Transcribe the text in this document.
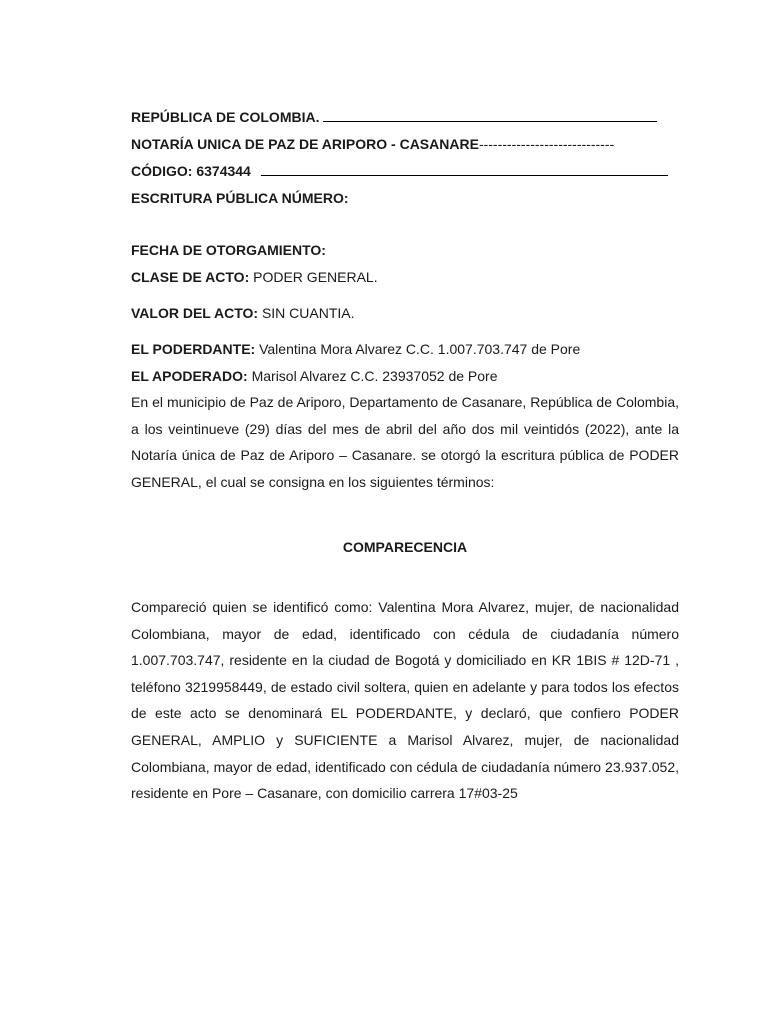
REPÚBLICA DE COLOMBIA.
NOTARÍA UNICA DE PAZ DE ARIPORO - CASANARE-----------------------------
CÓDIGO: 6374344
ESCRITURA PÚBLICA NÚMERO:
FECHA DE OTORGAMIENTO:
CLASE DE ACTO: PODER GENERAL.
VALOR DEL ACTO: SIN CUANTIA.
EL PODERDANTE: Valentina Mora Alvarez C.C. 1.007.703.747 de Pore
EL APODERADO: Marisol Alvarez C.C. 23937052 de Pore

En el municipio de Paz de Ariporo, Departamento de Casanare, República de Colombia, a los veintinueve (29) días del mes de abril del año dos mil veintidós (2022), ante la Notaría única de Paz de Ariporo – Casanare. se otorgó la escritura pública de PODER GENERAL, el cual se consigna en los siguientes términos:

COMPARECENCIA

Compareció quien se identificó como: Valentina Mora Alvarez, mujer, de nacionalidad Colombiana, mayor de edad, identificado con cédula de ciudadanía número 1.007.703.747, residente en la ciudad de Bogotá y domiciliado en KR 1BIS # 12D-71 , teléfono 3219958449, de estado civil soltera, quien en adelante y para todos los efectos de este acto se denominará EL PODERDANTE, y declaró, que confiero PODER GENERAL, AMPLIO y SUFICIENTE a Marisol Alvarez, mujer, de nacionalidad Colombiana, mayor de edad, identificado con cédula de ciudadanía número 23.937.052, residente en Pore – Casanare, con domicilio carrera 17#03-25
